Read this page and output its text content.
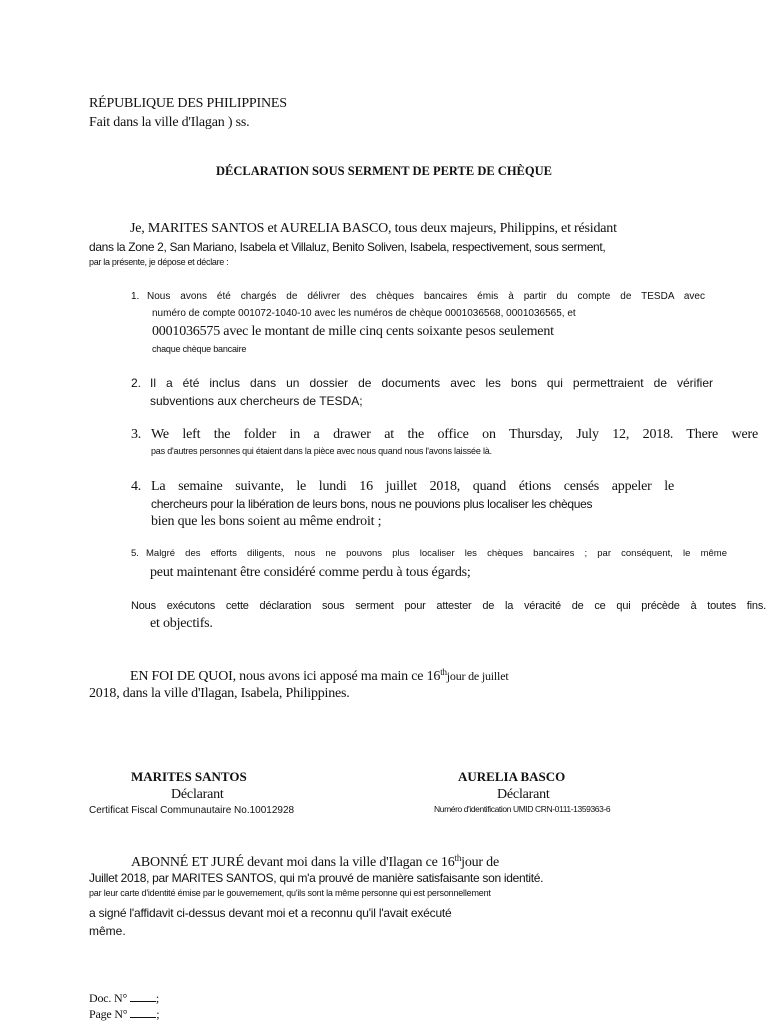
RÉPUBLIQUE DES PHILIPPINES
Fait dans la ville d'Ilagan ) ss.
DÉCLARATION SOUS SERMENT DE PERTE DE CHÈQUE
Je, MARITES SANTOS et AURELIA BASCO, tous deux majeurs, Philippins, et résidant
dans la Zone 2, San Mariano, Isabela et Villaluz, Benito Soliven, Isabela, respectivement, sous serment,
par la présente, je dépose et déclare :
1. Nous avons été chargés de délivrer des chèques bancaires émis à partir du compte de TESDA avec
numéro de compte 001072-1040-10 avec les numéros de chèque 0001036568, 0001036565, et
0001036575 avec le montant de mille cinq cents soixante pesos seulement
chaque chèque bancaire
2. Il a été inclus dans un dossier de documents avec les bons qui permettraient de vérifier
subventions aux chercheurs de TESDA;
3. We left the folder in a drawer at the office on Thursday, July 12, 2018. There were
pas d'autres personnes qui étaient dans la pièce avec nous quand nous l'avons laissée là.
4. La semaine suivante, le lundi 16 juillet 2018, quand étions censés appeler le
chercheurs pour la libération de leurs bons, nous ne pouvions plus localiser les chèques
bien que les bons soient au même endroit ;
5. Malgré des efforts diligents, nous ne pouvons plus localiser les chèques bancaires ; par conséquent, le même
peut maintenant être considéré comme perdu à tous égards;
Nous exécutons cette déclaration sous serment pour attester de la véracité de ce qui précède à toutes fins.
et objectifs.
EN FOI DE QUOI, nous avons ici apposé ma main ce 16thjour de juillet
2018, dans la ville d'Ilagan, Isabela, Philippines.
MARITES SANTOS
Déclarant
Certificat Fiscal Communautaire No.10012928
AURELIA BASCO
Déclarant
Numéro d'identification UMID CRN-0111-1359363-6
ABONNÉ ET JURÉ devant moi dans la ville d'Ilagan ce 16thjour de
Juillet 2018, par MARITES SANTOS, qui m'a prouvé de manière satisfaisante son identité.
par leur carte d'identité émise par le gouvernement, qu'ils sont la même personne qui est personnellement
a signé l'affidavit ci-dessus devant moi et a reconnu qu'il l'avait exécuté
même.
Doc. N° ;
Page N° ;
